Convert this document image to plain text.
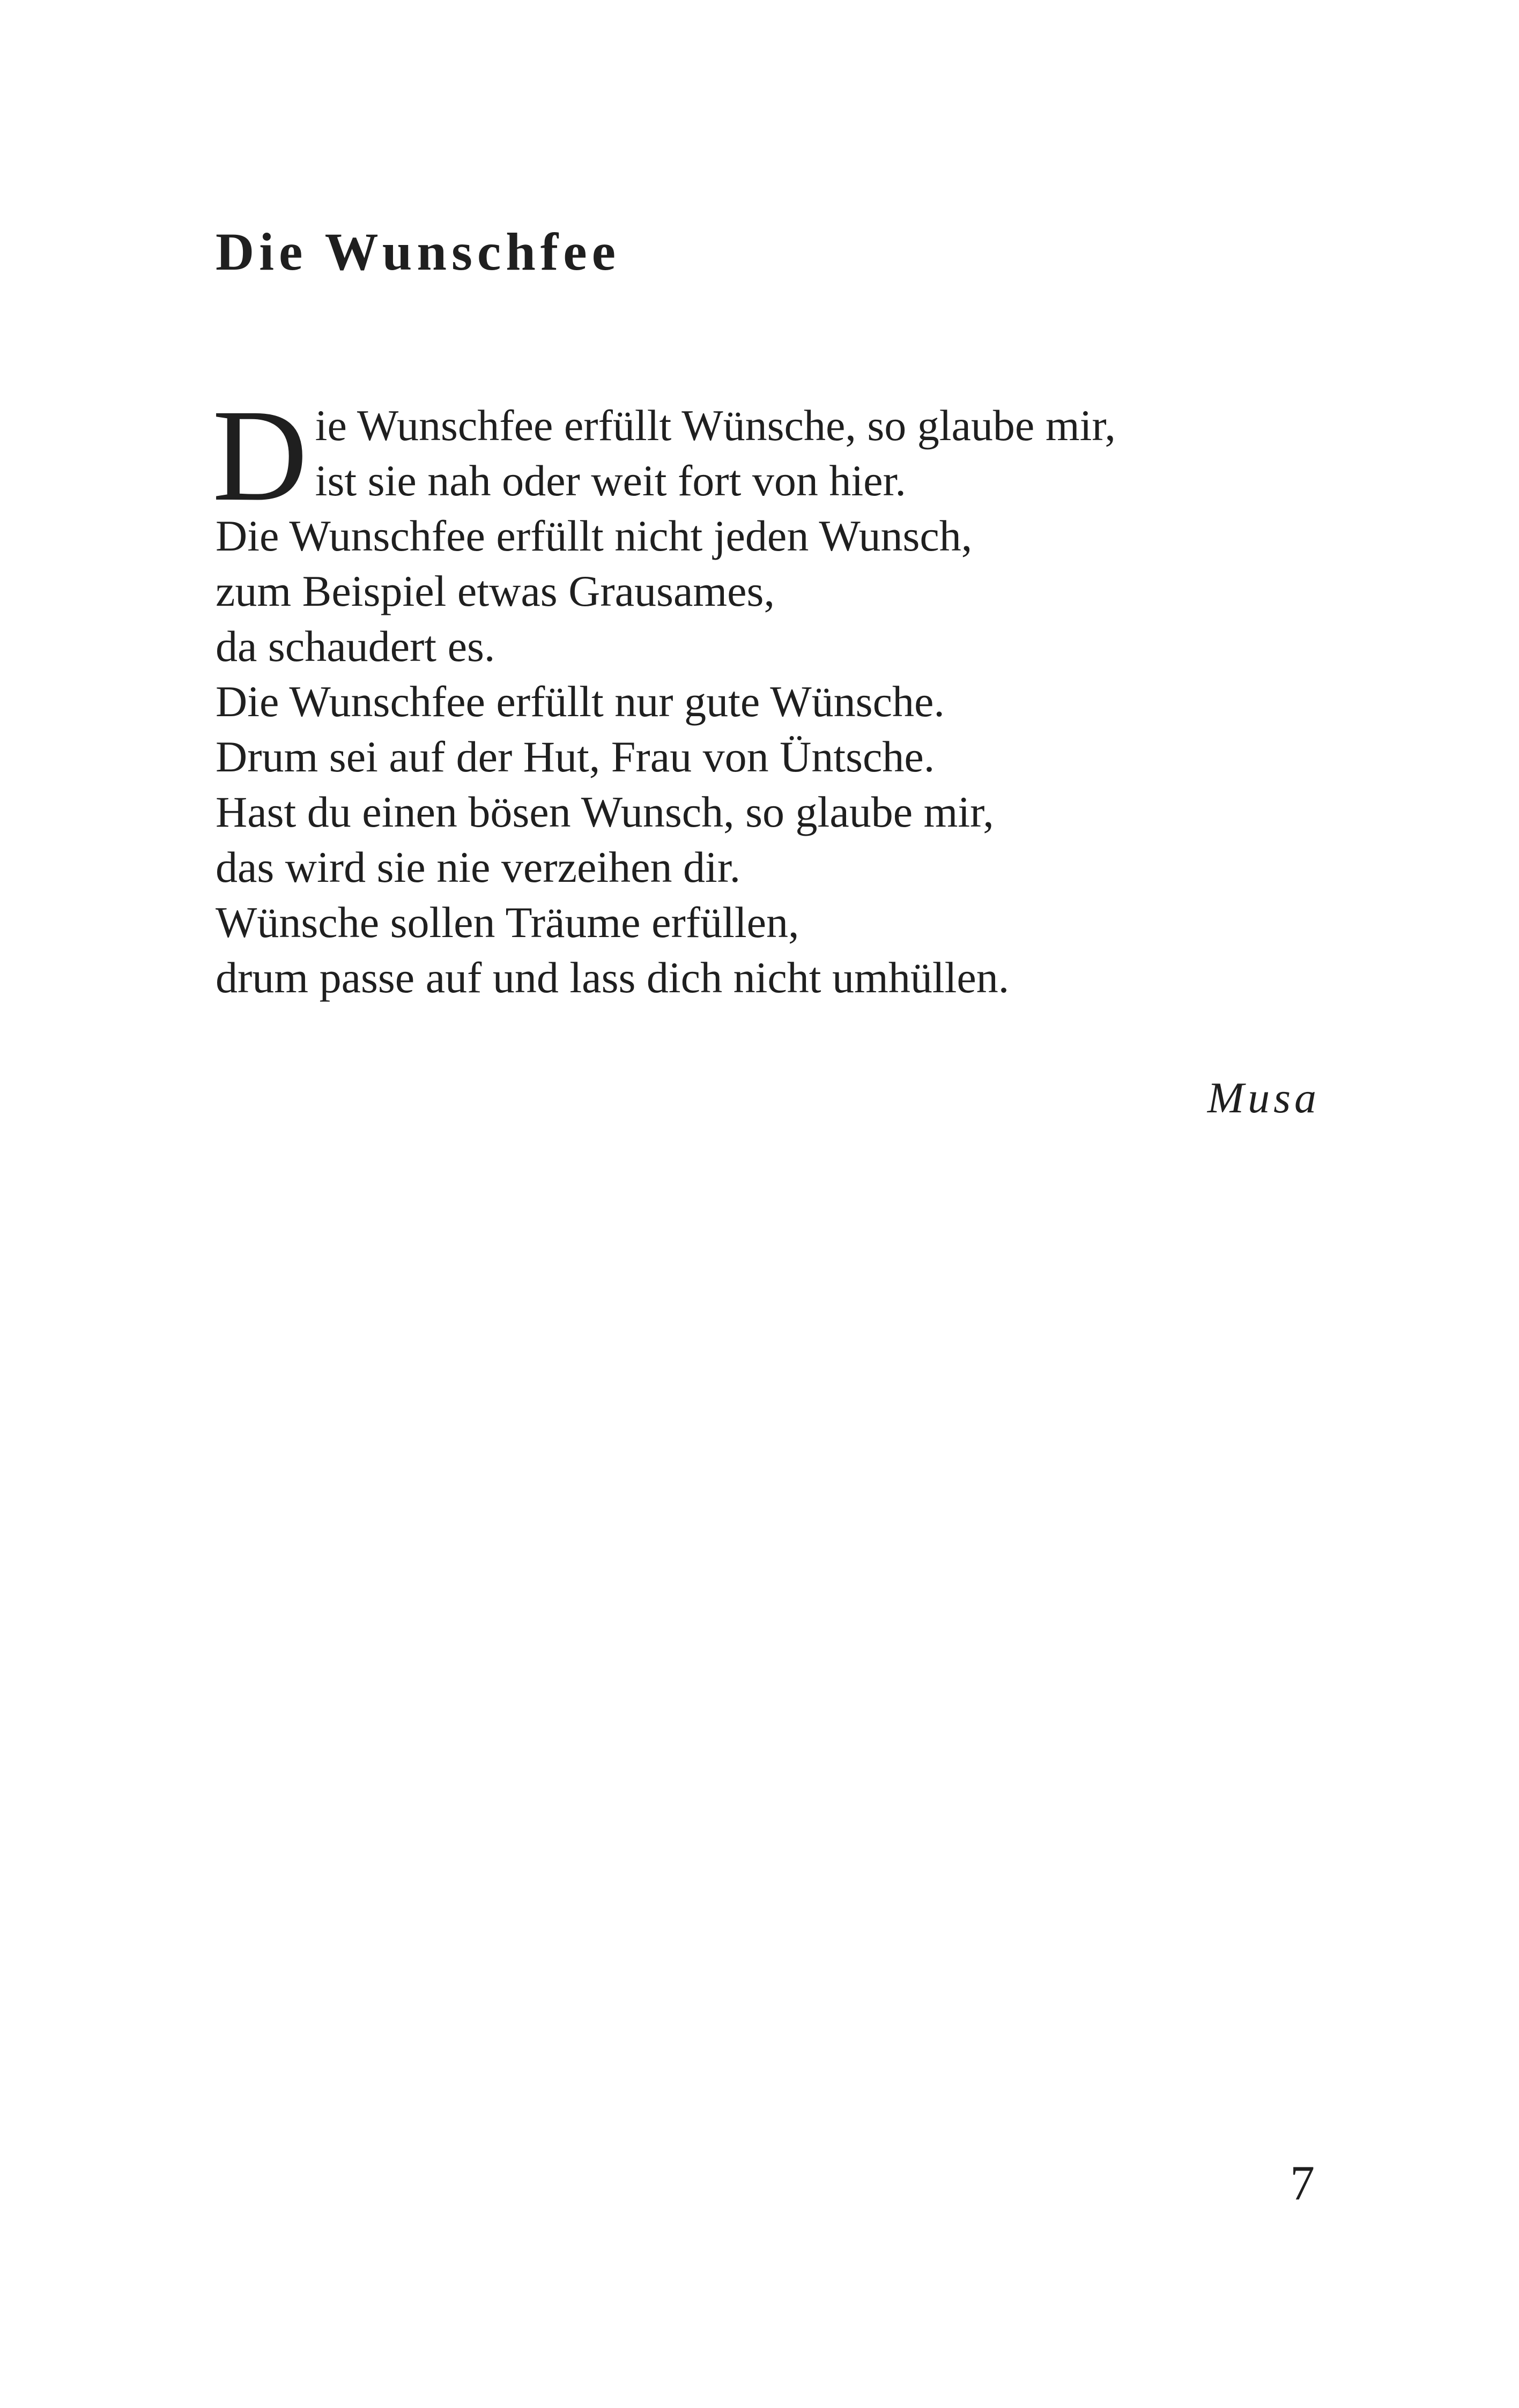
Die Wunschfee
D ie Wunschfee erfüllt Wünsche, so glaube mir,
ist sie nah oder weit fort von hier.
Die Wunschfee erfüllt nicht jeden Wunsch,
zum Beispiel etwas Grausames,
da schaudert es.
Die Wunschfee erfüllt nur gute Wünsche.
Drum sei auf der Hut, Frau von Üntsche.
Hast du einen bösen Wunsch, so glaube mir,
das wird sie nie verzeihen dir.
Wünsche sollen Träume erfüllen,
drum passe auf und lass dich nicht umhüllen.
Musa
7
